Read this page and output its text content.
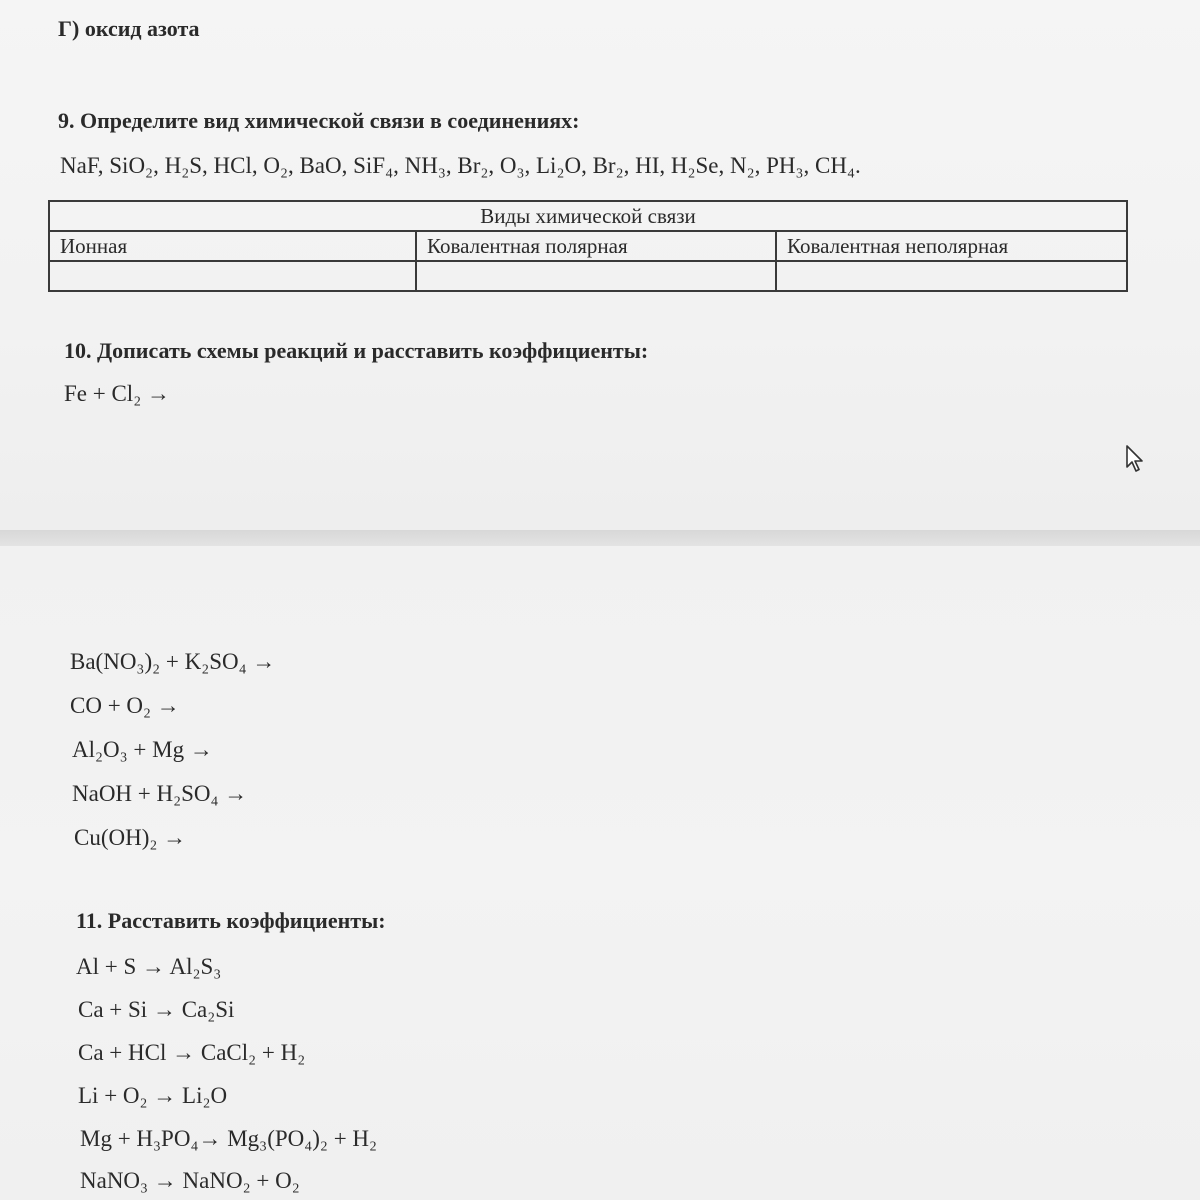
Г) оксид азота
9. Определите вид химической связи в соединениях:
NaF, SiO₂, H₂S, HCl, O₂, BaO, SiF₄, NH₃, Br₂, O₃, Li₂O, Br₂, HI, H₂Se, N₂, PH₃, CH₄.
Виды химической связи		
Ионная	Ковалентная полярная	Ковалентная неполярная

10. Дописать схемы реакций и расставить коэффициенты:
Fe + Cl₂ →
Ba(NO₃)₂ + K₂SO₄ →
CO + O₂ →
Al₂O₃ + Mg →
NaOH + H₂SO₄ →
Cu(OH)₂ →
11. Расставить коэффициенты:
Al + S → Al₂S₃
Ca + Si → Ca₂Si
Ca + HCl → CaCl₂ + H₂
Li + O₂ → Li₂O
Mg + H₃PO₄→ Mg₃(PO₄)₂ + H₂
NaNO₃ → NaNO₂ + O₂
